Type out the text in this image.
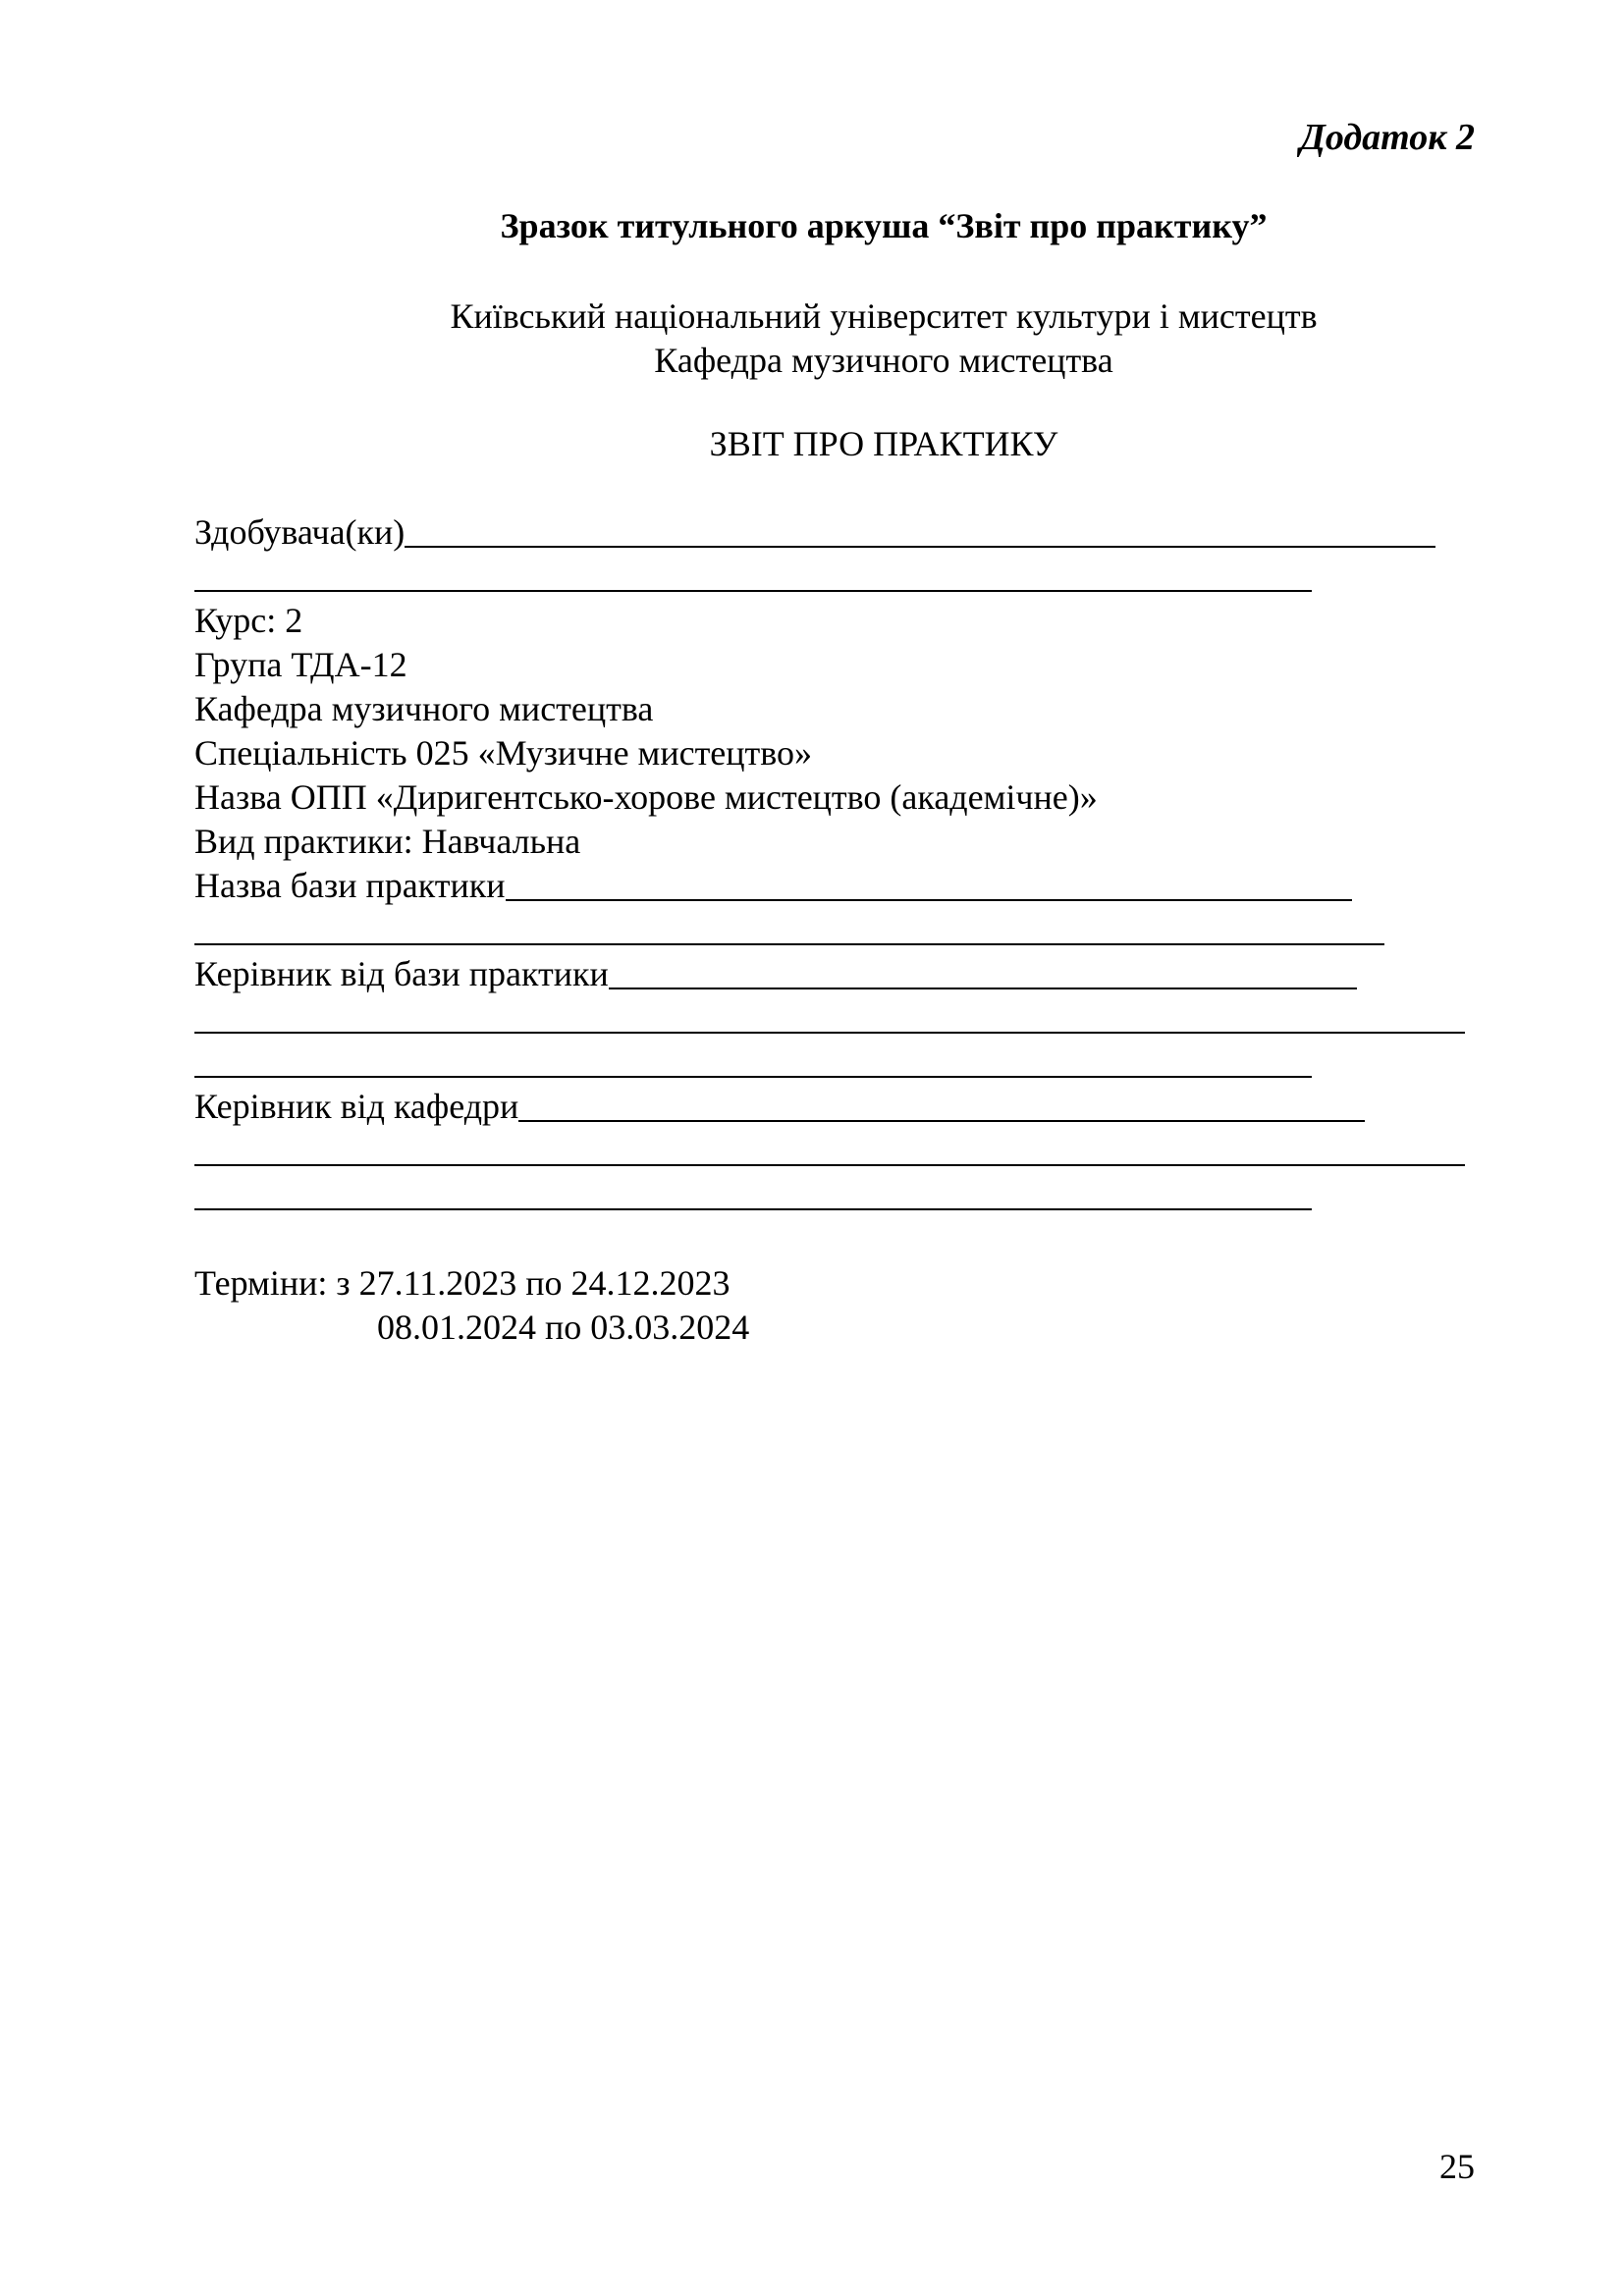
Додаток 2
Зразок титульного аркуша “Звіт про практику”
Київський національний університет культури і мистецтв
Кафедра музичного мистецтва
ЗВІТ ПРО ПРАКТИКУ
Здобувача(ки)
Курс: 2
Група ТДА-12
Кафедра музичного мистецтва
Спеціальність 025 «Музичне мистецтво»
Назва ОПП «Диригентсько-хорове мистецтво (академічне)»
Вид практики: Навчальна
Назва бази практики
Керівник від бази практики
Керівник від кафедри
Терміни: з 27.11.2023 по 24.12.2023
08.01.2024 по 03.03.2024
25
